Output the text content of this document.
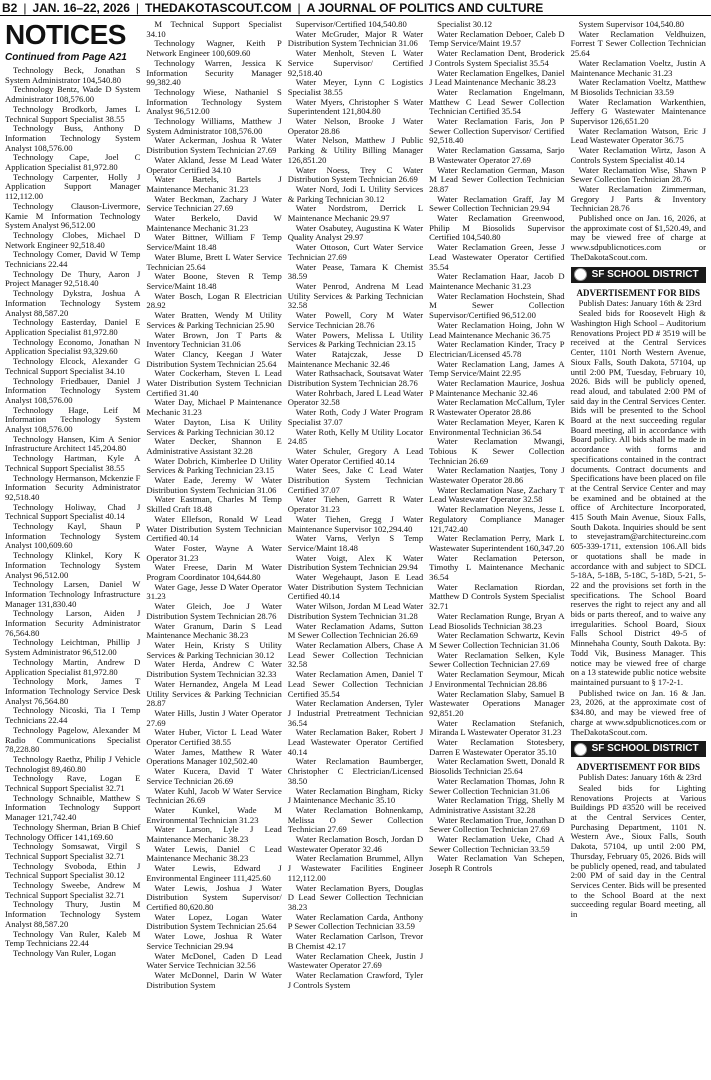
B2 | JAN. 16–22, 2026 | THEDAKOTASCOUT.COM | A JOURNAL OF POLITICS AND CULTURE
NOTICES
Continued from Page A21

Technology Beck, Jonathan S System Administrator 104,540.80

Technology Bentz, Wade D System Administrator 108,576.00

Technology Brodkorb, James L Technical Support Specialist 38.55

Technology Buss, Anthony D Information Technology System Analyst 108,576.00

Technology Cape, Joel C Application Specialist 81,972.80

Technology Carpenter, Holly J Application Support Manager 112,112.00

Technology Clauson-Livermore, Kamie M Information Technology System Analyst 96,512.00

Technology Clobes, Michael D Network Engineer 92,518.40

Technology Comer, David W Temp Technicians 22.44

Technology De Thury, Aaron J Project Manager 92,518.40

Technology Dykstra, Joshua A Information Technology System Analyst 88,587.20

Technology Easterday, Daniel E Application Specialist 81,972.80

Technology Economo, Jonathan N Application Specialist 93,329.60

Technology Elcock, Alexander G Technical Support Specialist 34.10

Technology Friedbauer, Daniel J Information Technology System Analyst 108,576.00

Technology Hage, Leif M Information Technology System Analyst 108,576.00

Technology Hansen, Kim A Senior Infrastructure Architect 145,204.80

Technology Hartman, Kyle A Technical Support Specialist 38.55

Technology Hermanson, Mckenzie F Information Security Administrator 92,518.40

Technology Holiway, Chad J Technical Support Specialist 40.14

Technology Kayl, Shaun P Information Technology System Analyst 100,609.60

Technology Klinkel, Kory K Information Technology System Analyst 96,512.00

Technology Larsen, Daniel W Information Technology Infrastructure Manager 131,830.40

Technology Larson, Aiden J Information Security Administrator 76,564.80

Technology Leichtman, Phillip J System Administrator 96,512.00

Technology Martin, Andrew D Application Specialist 81,972.80

Technology Mork, James T Information Technology Service Desk Analyst 76,564.80

Technology Nicoski, Tia I Temp Technicians 22.44

Technology Pagelow, Alexander M Radio Communications Specialist 78,228.80

Technology Raethz, Philip J Vehicle Technologist 89,460.80

Technology Rave, Logan E Technical Support Specialist 32.71

Technology Schnaible, Matthew S Information Technology Support Manager 121,742.40

Technology Sherman, Brian B Chief Technology Officer 141,169.60

Technology Somsawat, Virgil S Technical Support Specialist 32.71

Technology Svoboda, Ethin J Technical Support Specialist 30.12

Technology Sweebe, Andrew M Technical Support Specialist 32.71

Technology Thury, Justin M Information Technology System Analyst 88,587.20

Technology Van Ruler, Kaleb M Temp Technicians 22.44

Technology Van Ruler, Logan

M Technical Support Specialist 34.10

Technology Wagner, Keith P Network Engineer 100,609.60

Technology Warren, Jessica K Information Security Manager 99,382.40

Technology Wiese, Nathaniel S Information Technology System Analyst 96,512.00

Technology Williams, Matthew J System Administrator 108,576.00

Water Ackerman, Joshua R Water Distribution System Technician 27.69

Water Akland, Jesse M Lead Water Operator Certified 34.10

Water Bartels, Bartels J Maintenance Mechanic 31.23

Water Beckman, Zachary J Water Service Technician 27.69

Water Berkelo, David W Maintenance Mechanic 31.23

Water Bittner, William F Temp Service/Maint 18.48

Water Blume, Brett L Water Service Technician 25.64

Water Boone, Steven R Temp Service/Maint 18.48

Water Bosch, Logan R Electrician 28.92

Water Bratten, Wendy M Utility Services & Parking Technician 25.90

Water Brown, Jon T Parts & Inventory Technician 31.06

Water Clancy, Keegan J Water Distribution System Technician 25.64

Water Cockerham, Steven L Lead Water Distribution System Technician Certified 31.40

Water Day, Michael P Maintenance Mechanic 31.23

Water Dayton, Lisa K Utility Services & Parking Technician 30.12

Water Decker, Shannon E Administrative Assistant 32.28

Water Dobrich, Kimberlee D Utility Services & Parking Technician 23.15

Water Eade, Jeremy W Water Distribution System Technician 31.06

Water Eastman, Charles M Temp Skilled Craft 18.48

Water Ellefson, Ronald W Lead Water Distribution System Technician Certified 40.14

Water Foster, Wayne A Water Operator 31.23

Water Freese, Darin M Water Program Coordinator 104,644.80

Water Gage, Jesse D Water Operator 31.23

Water Gleich, Joe J Water Distribution System Technician 28.76

Water Granum, Darin S Lead Maintenance Mechanic 38.23

Water Hein, Kristy S Utility Services & Parking Technician 30.12

Water Herda, Andrew C Water Distribution System Technician 32.33

Water Hernandez, Angela M Lead Utility Services & Parking Technician 28.87

Water Hills, Justin J Water Operator 27.69

Water Huber, Victor L Lead Water Operator Certified 38.55

Water James, Matthew R Water Operations Manager 102,502.40

Water Kucera, David T Water Service Technician 26.69

Water Kuhl, Jacob W Water Service Technician 26.69

Water Kunkel, Wade M Environmental Technician 31.23

Water Larson, Lyle J Lead Maintenance Mechanic 38.23

Water Lewis, Daniel C Lead Maintenance Mechanic 38.23

Water Lewis, Edward J Environmental Engineer 111,425.60

Water Lewis, Joshua J Water Distribution System Supervisor/ Certified 80,620.80

Water Lopez, Logan Water Distribution System Technician 25.64

Water Lowe, Joshua R Water Service Technician 29.94

Water McDonel, Caden D Lead Water Service Technician 32.56

Water McDonnel, Darin W Water Distribution System

Supervisor/Certified 104,540.80

Water McGruder, Major R Water Distribution System Technician 31.06

Water Menholt, Steven L Water Service Supervisor/ Certified 92,518.40

Water Meyer, Lynn C Logistics Specialist 38.55

Water Myers, Christopher S Water Superintendent 121,804.80

Water Nelson, Brooke J Water Operator 28.86

Water Nelson, Matthew J Public Parking & Utility Billing Manager 126,851.20

Water Noess, Trey C Water Distribution System Technician 26.69

Water Nord, Jodi L Utility Services & Parking Technician 30.12

Water Nordstrom, Derrick L Maintenance Mechanic 29.97

Water Osabutey, Augustina K Water Quality Analyst 29.97

Water Ottoson, Curt Water Service Technician 27.69

Water Pease, Tamara K Chemist 38.59

Water Penrod, Andrena M Lead Utility Services & Parking Technician 32.58

Water Powell, Cory M Water Service Technician 28.76

Water Powers, Melissa L Utility Services & Parking Technician 23.15

Water Ratajczak, Jesse D Maintenance Mechanic 32.46

Water Rathsachack, Soutsavat Water Distribution System Technician 28.76

Water Rohrbach, Jared L Lead Water Operator 32.58

Water Roth, Cody J Water Program Specialist 37.07

Water Roth, Kelly M Utility Locator 24.85

Water Schuler, Gregory A Lead Water Operator Certified 40.14

Water Sees, Jake C Lead Water Distribution System Technician Certified 37.07

Water Tiehen, Garrett R Water Operator 31.23

Water Tiehen, Gregg J Water Maintenance Supervisor 102,294.40

Water Varns, Verlyn S Temp Service/Maint 18.48

Water Voigt, Alex K Water Distribution System Technician 29.94

Water Wegehaupt, Jason E Lead Water Distribution System Technician Certified 40.14

Water Wilson, Jordan M Lead Water Distribution System Technician 31.28

Water Reclamation Adams, Sutton M Sewer Collection Technician 26.69

Water Reclamation Albers, Chase A Lead Sewer Collection Technician 32.58

Water Reclamation Amen, Daniel T Lead Sewer Collection Technician Certified 35.54

Water Reclamation Andersen, Tyler J Industrial Pretreatment Technician 36.54

Water Reclamation Baker, Robert J Lead Wastewater Operator Certified 40.14

Water Reclamation Baumberger, Christopher C Electrician/Licensed 38.50

Water Reclamation Bingham, Ricky J Maintenance Mechanic 35.10

Water Reclamation Bohnenkamp, Melissa O Sewer Collection Technician 27.69

Water Reclamation Bosch, Jordan D Wastewater Operator 32.46

Water Reclamation Brummel, Allyn J Wastewater Facilities Engineer 112,112.00

Water Reclamation Byers, Douglas D Lead Sewer Collection Technician 38.23

Water Reclamation Carda, Anthony P Sewer Collection Technician 33.59

Water Reclamation Carlson, Trevor B Chemist 42.17

Water Reclamation Cheek, Justin J Wastewater Operator 27.69

Water Reclamation Crawford, Tyler J Controls System

Specialist 30.12

Water Reclamation Deboer, Caleb D Temp Service/Maint 19.57

Water Reclamation Dent, Broderick J Controls System Specialist 35.54

Water Reclamation Engelkes, Daniel J Lead Maintenance Mechanic 38.23

Water Reclamation Engelmann, Matthew C Lead Sewer Collection Technician Certified 35.54

Water Reclamation Faris, Jon P Sewer Collection Supervisor/ Certified 92,518.40

Water Reclamation Gassama, Sarjo B Wastewater Operator 27.69

Water Reclamation German, Mason M Lead Sewer Collection Technician 28.87

Water Reclamation Graff, Jay M Sewer Collection Technician 29.94

Water Reclamation Greenwood, Philip M Biosolids Supervisor Certified 104,540.80

Water Reclamation Green, Jesse J Lead Wastewater Operator Certified 35.54

Water Reclamation Haar, Jacob D Maintenance Mechanic 31.23

Water Reclamation Hochstein, Shad M Sewer Collection Supervisor/Certified 96,512.00

Water Reclamation Hoing, John W Lead Maintenance Mechanic 36.75

Water Reclamation Kinder, Tracy P Electrician/Licensed 45.78

Water Reclamation Lang, James A Temp Service/Maint 22.95

Water Reclamation Maurice, Joshua P Maintenance Mechanic 32.46

Water Reclamation McCallum, Tyler R Wastewater Operator 28.86

Water Reclamation Meyer, Karen K Environmental Technician 36.54

Water Reclamation Mwangi, Tobious K Sewer Collection Technician 26.69

Water Reclamation Naatjes, Tony J Wastewater Operator 28.86

Water Reclamation Nase, Zachary T Lead Wastewater Operator 32.58

Water Reclamation Neyens, Jesse L Regulatory Compliance Manager 121,742.40

Water Reclamation Perry, Mark L Wastewater Superintendent 160,347.20

Water Reclamation Peterson, Timothy L Maintenance Mechanic 36.54

Water Reclamation Riordan, Matthew D Controls System Specialist 32.71

Water Reclamation Runge, Bryan A Lead Biosolids Technician 38.23

Water Reclamation Schwartz, Kevin M Sewer Collection Technician 31.06

Water Reclamation Selken, Kyle Sewer Collection Technician 27.69

Water Reclamation Seymour, Micah J Environmental Technician 28.86

Water Reclamation Slaby, Samuel B Wastewater Operations Manager 92,851.20

Water Reclamation Stefanich, Miranda L Wastewater Operator 31.23

Water Reclamation Stotesbery, Darren E Wastewater Operator 35.10

Water Reclamation Swett, Donald R Biosolids Technician 25.64

Water Reclamation Thomas, John R Sewer Collection Technician 31.06

Water Reclamation Trigg, Shelly M Administrative Assistant 32.28

Water Reclamation True, Jonathan D Sewer Collection Technician 27.69

Water Reclamation Ueke, Chad A Sewer Collection Technician 33.59

Water Reclamation Van Schepen, Joseph R Controls

System Supervisor 104,540.80

Water Reclamation Veldhuizen, Forrest T Sewer Collection Technician 25.64

Water Reclamation Voeltz, Justin A Maintenance Mechanic 31.23

Water Reclamation Voeltz, Matthew M Biosolids Technician 33.59

Water Reclamation Warkenthien, Jeffery G Wastewater Maintenance Supervisor 126,651.20

Water Reclamation Watson, Eric J Lead Wastewater Operator 36.75

Water Reclamation Wirtz, Jason A Controls System Specialist 40.14

Water Reclamation Wise, Shawn P Sewer Collection Technician 28.76

Water Reclamation Zimmerman, Gregory J Parts & Inventory Technician 28.76

Published once on Jan. 16, 2026, at the approximate cost of $1,520.49, and may be viewed free of charge at www.sdpublicnotices.com or TheDakotaScout.com.

SF SCHOOL DISTRICT
ADVERTISEMENT FOR BIDS

Publish Dates: January 16th & 23rd

Sealed bids for Roosevelt High & Washington High School – Auditorium Renovations Project PD # 3519 will be received at the Central Services Center, 1101 North Western Avenue, Sioux Falls, South Dakota, 57104, up until 2:00 PM, Tuesday, February 10, 2026. Bids will be publicly opened, read aloud, and tabulated 2:00 PM of said day in the Central Services Center. Bids will be presented to the School Board at the next succeeding regular Board meeting, all in accordance with Board policy. All bids shall be made in accordance with forms and specifications contained in the contract documents. Contract documents and Specifications have been placed on file at the Central Service Center and may be examined and be obtained at the office of Architecture Incorporated, 415 South Main Avenue, Sioux Falls, South Dakota. Inquiries should be sent to stevejastram@architectureinc.com 605-339-1711, extension 106.All bids or quotations shall be made in accordance with and subject to SDCL 5-18A, 5-18B, 5-18C, 5-18D, 5-21, 5-22 and the provisions set forth in the specifications. The School Board reserves the right to reject any and all bids or parts thereof, and to waive any irregularities. School Board, Sioux Falls School District 49-5 of Minnehaha County, South Dakota. By: Todd Vik, Business Manager. This notice may be viewed free of charge on a 13 statewide public notice website maintained pursuant to § 17-2-1.

Published twice on Jan. 16 & Jan. 23, 2026, at the approximate cost of $34.80, and may be viewed free of charge at www.sdpublicnotices.com or TheDakotaScout.com.

SF SCHOOL DISTRICT
ADVERTISEMENT FOR BIDS

Publish Dates: January 16th & 23rd

Sealed bids for Lighting Renovations Projects at Various Buildings PD #3520 will be received at the Central Services Center, Purchasing Department, 1101 N. Western Ave., Sioux Falls, South Dakota, 57104, up until 2:00 PM, Thursday, February 05, 2026. Bids will be publicly opened, read, and tabulated 2:00 PM of said day in the Central Services Center. Bids will be presented to the School Board at the next succeeding regular Board meeting, all in
